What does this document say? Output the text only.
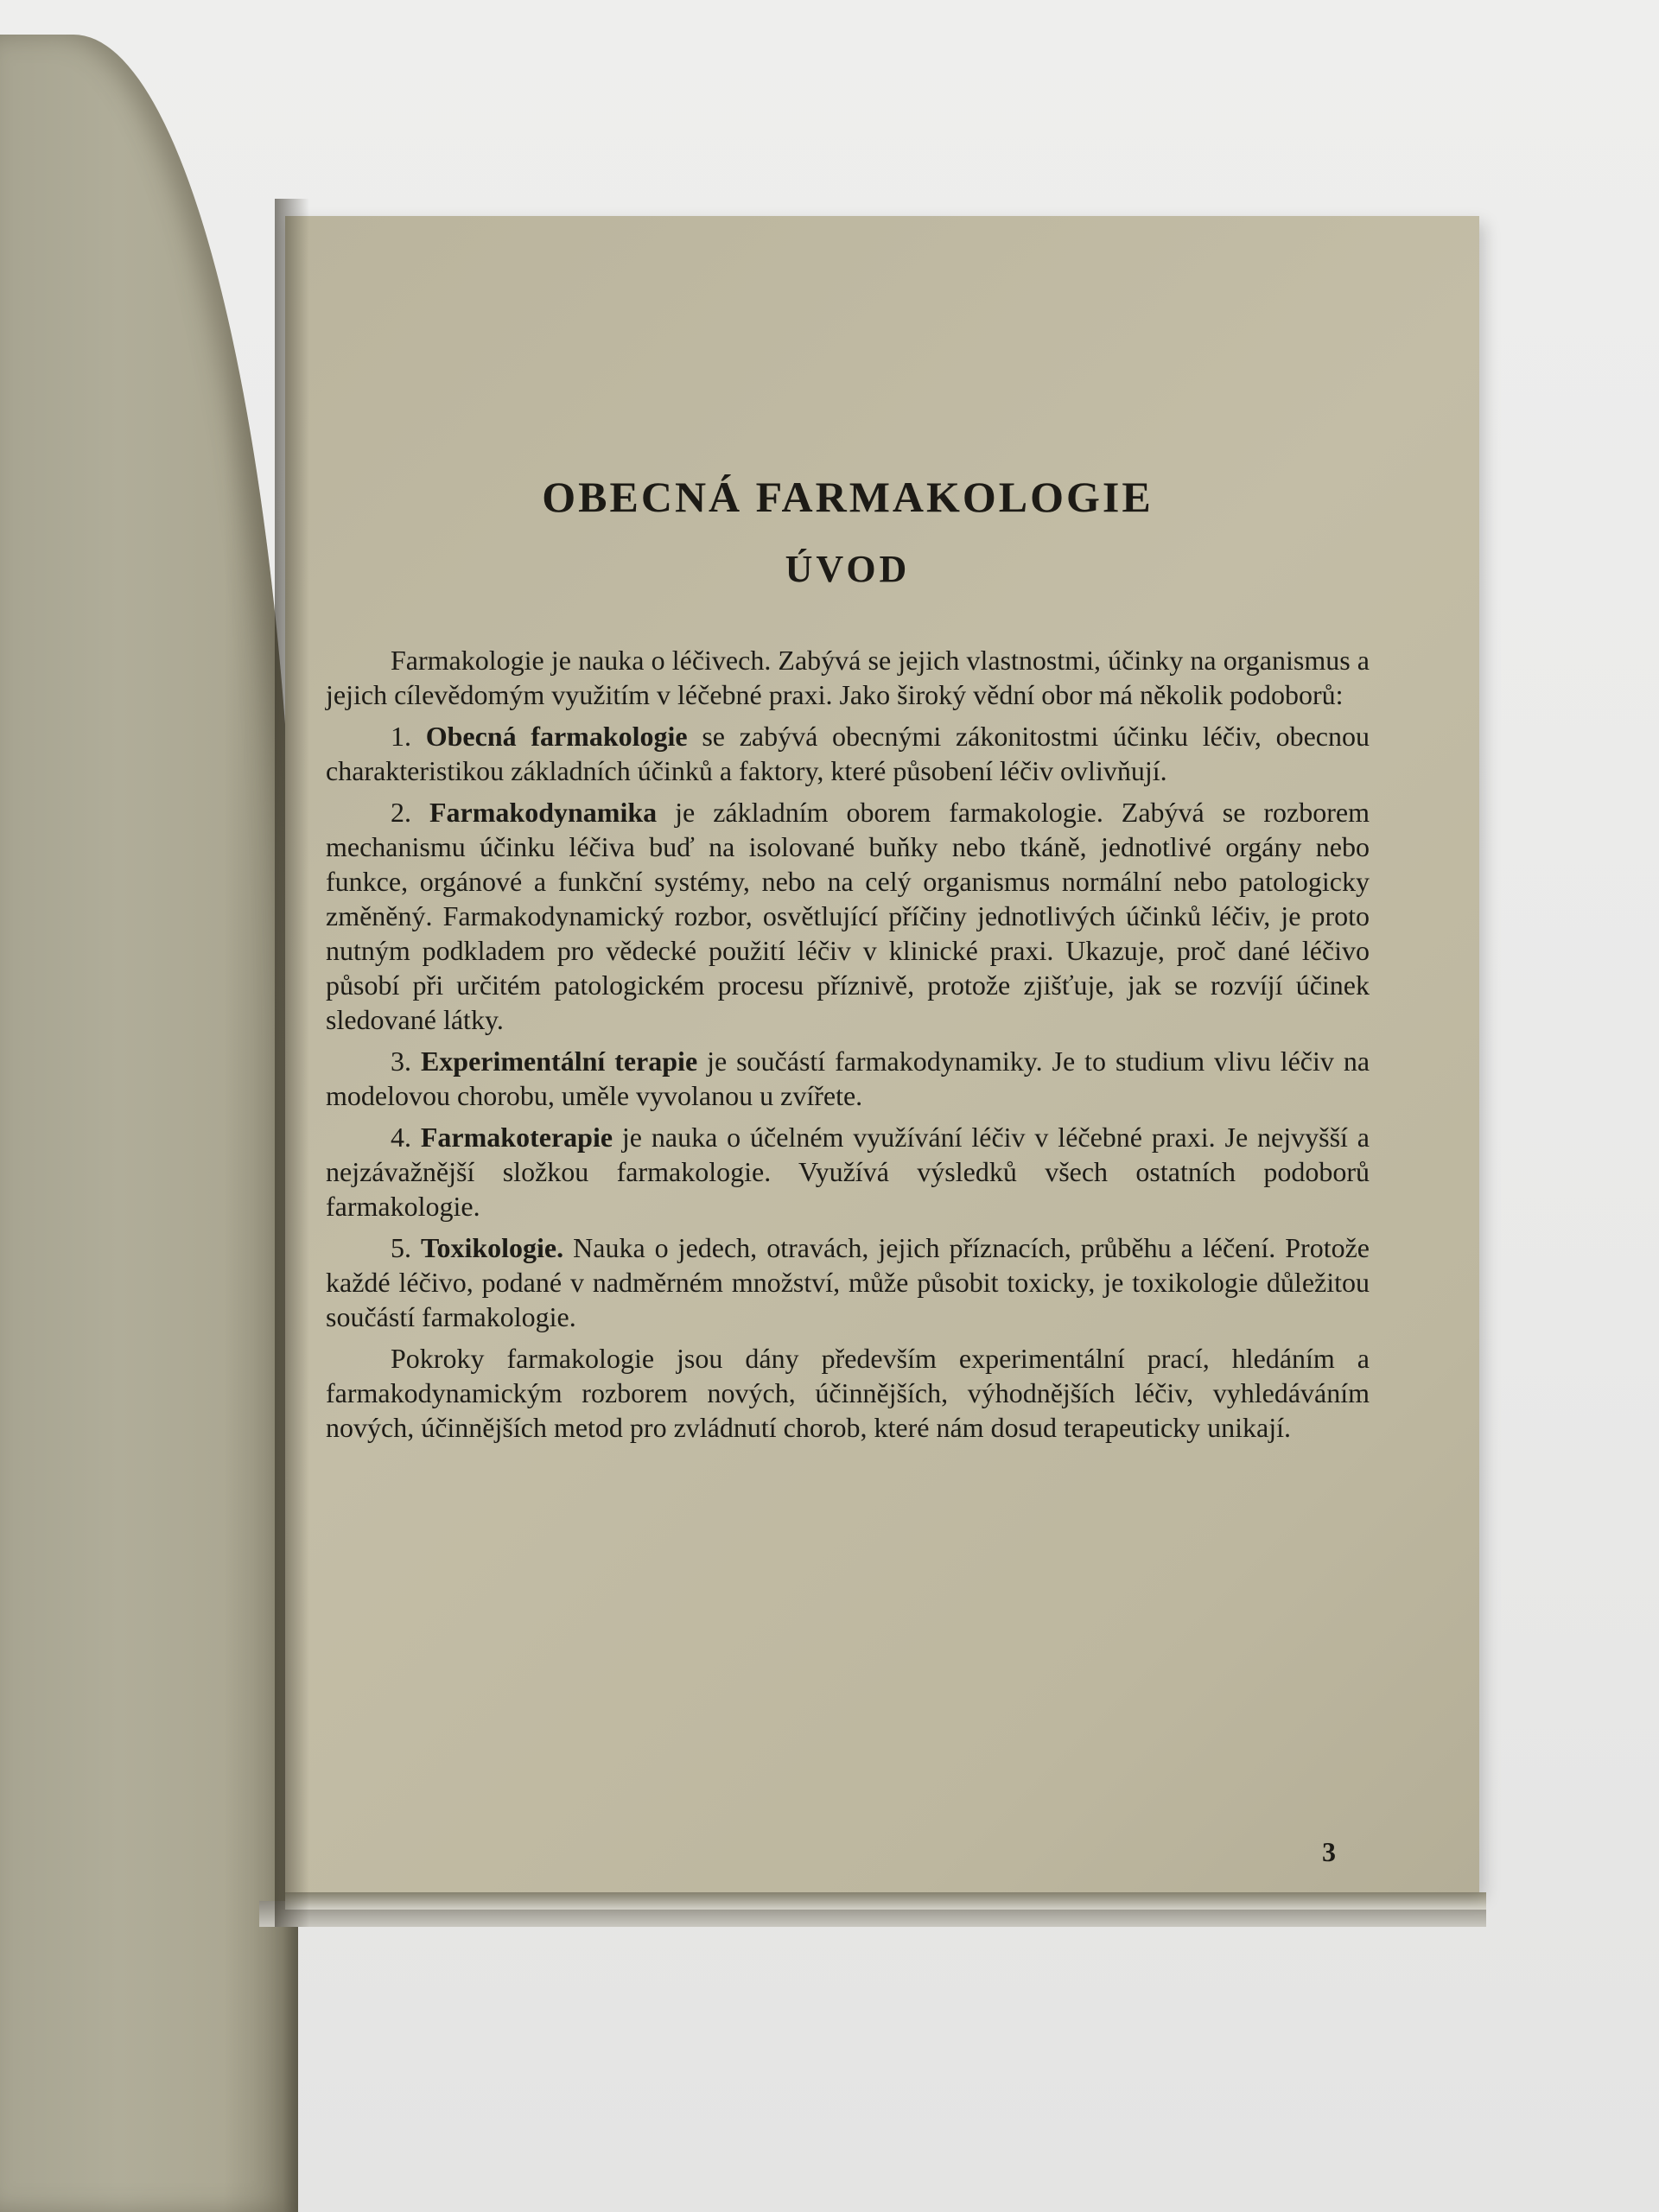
OBECNÁ FARMAKOLOGIE
ÚVOD

Farmakologie je nauka o léčivech. Zabývá se jejich vlastnostmi, účinky na organismus a jejich cílevědomým využitím v léčebné praxi. Jako široký vědní obor má několik podoborů:

1. Obecná farmakologie se zabývá obecnými zákonitostmi účinku léčiv, obecnou charakteristikou základních účinků a faktory, které působení léčiv ovlivňují.

2. Farmakodynamika je základním oborem farmakologie. Zabývá se rozborem mechanismu účinku léčiva buď na isolované buňky nebo tkáně, jednotlivé orgány nebo funkce, orgánové a funkční systémy, nebo na celý organismus normální nebo patologicky změněný. Farmakodynamický rozbor, osvětlující příčiny jednotlivých účinků léčiv, je proto nutným podkladem pro vědecké použití léčiv v klinické praxi. Ukazuje, proč dané léčivo působí při určitém patologickém procesu příznivě, protože zjišťuje, jak se rozvíjí účinek sledované látky.

3. Experimentální terapie je součástí farmakodynamiky. Je to studium vlivu léčiv na modelovou chorobu, uměle vyvolanou u zvířete.

4. Farmakoterapie je nauka o účelném využívání léčiv v léčebné praxi. Je nejvyšší a nejzávažnější složkou farmakologie. Využívá výsledků všech ostatních podoborů farmakologie.

5. Toxikologie. Nauka o jedech, otravách, jejich příznacích, průběhu a léčení. Protože každé léčivo, podané v nadměrném množství, může působit toxicky, je toxikologie důležitou součástí farmakologie.

Pokroky farmakologie jsou dány především experimentální prací, hledáním a farmakodynamickým rozborem nových, účinnějších, výhodnějších léčiv, vyhledáváním nových, účinnějších metod pro zvládnutí chorob, které nám dosud terapeuticky unikají.

3
